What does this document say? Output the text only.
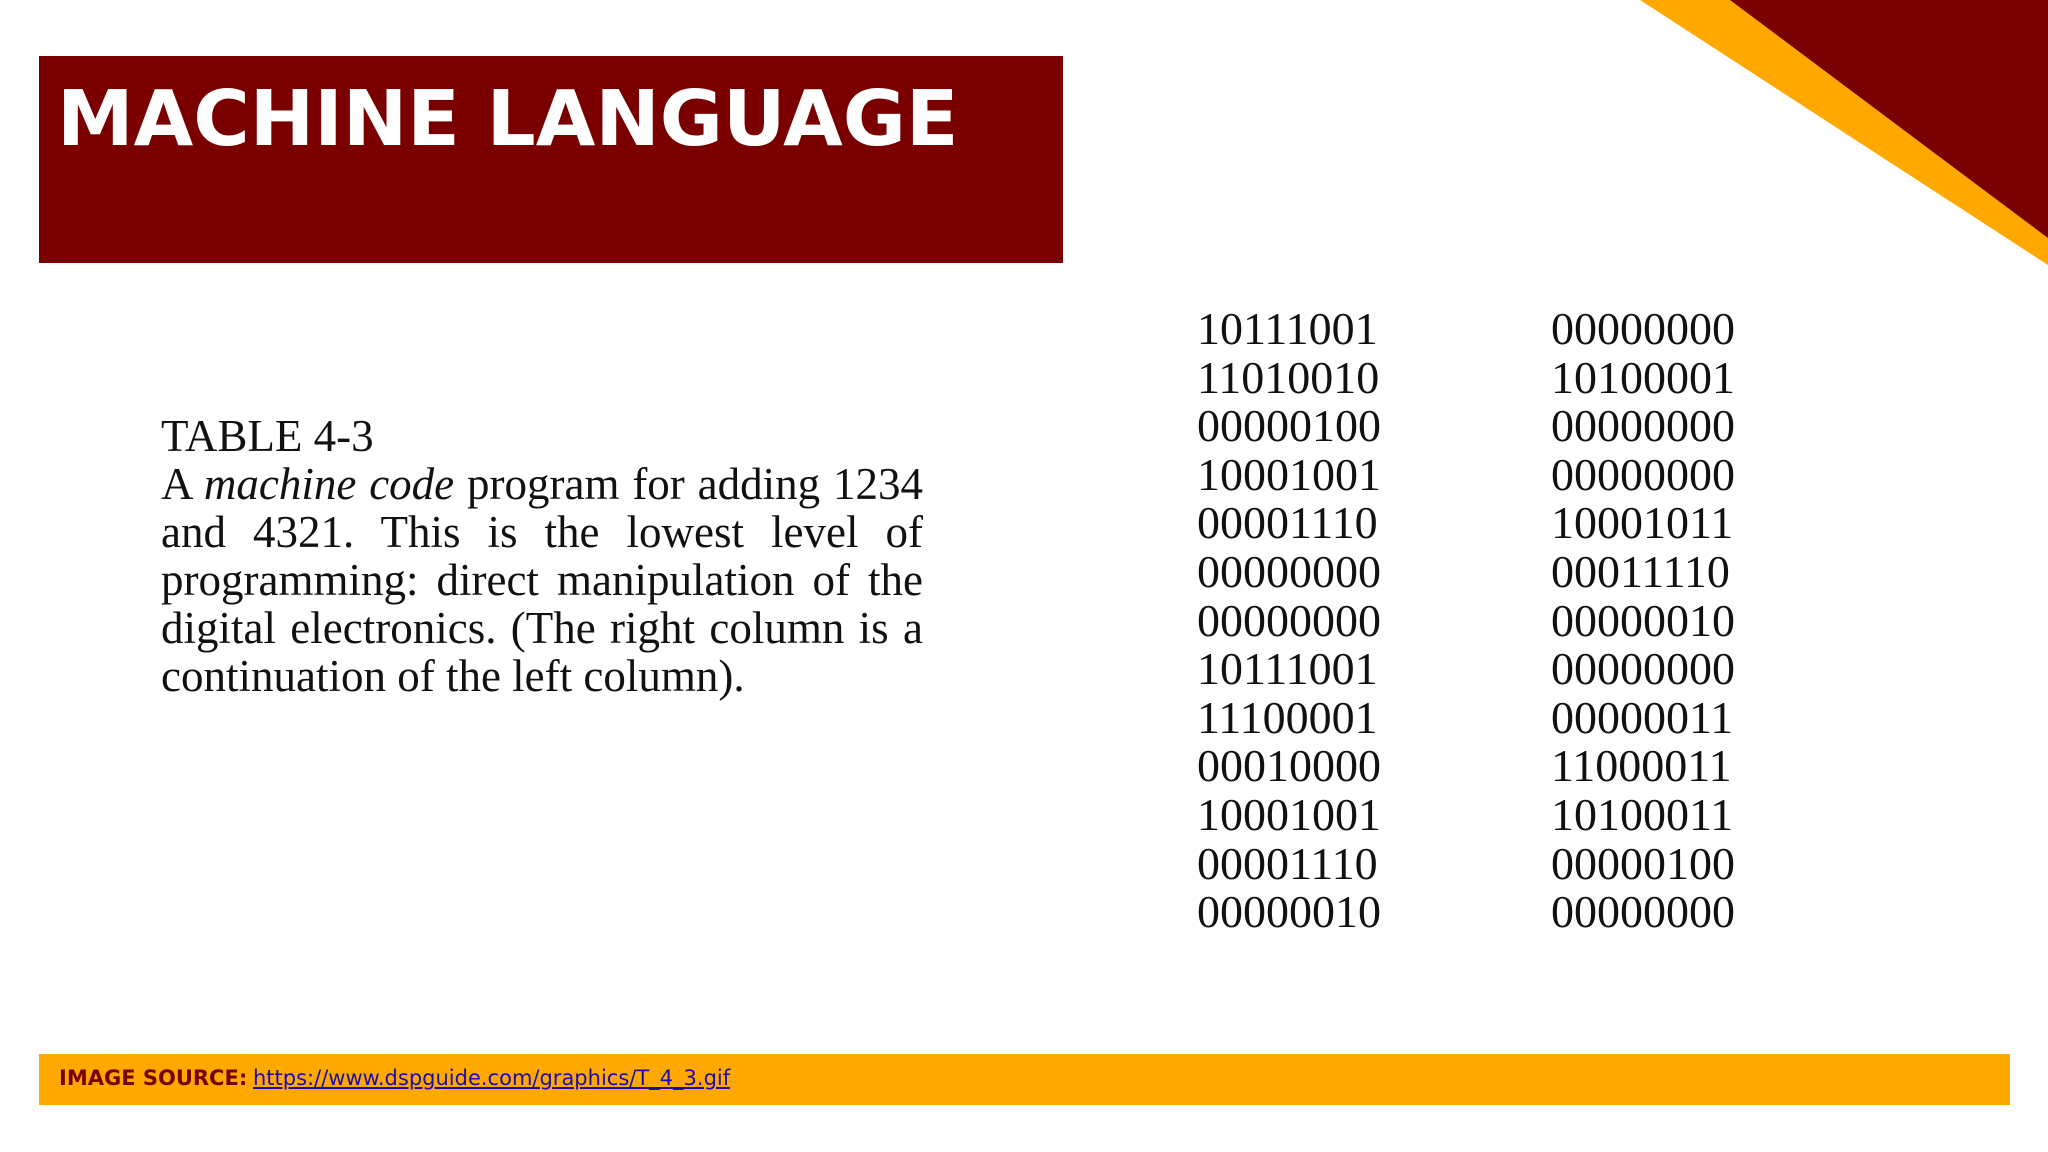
MACHINE LANGUAGE
TABLE 4-3
A machine code program for adding 1234 and 4321. This is the lowest level of programming: direct manipulation of the digital electronics. (The right column is a continuation of the left column).
10111001
11010010
00000100
10001001
00001110
00000000
00000000
10111001
11100001
00010000
10001001
00001110
00000010
00000000
10100001
00000000
00000000
10001011
00011110
00000010
00000000
00000011
11000011
10100011
00000100
00000000
IMAGE SOURCE: https://www.dspguide.com/graphics/T_4_3.gif
